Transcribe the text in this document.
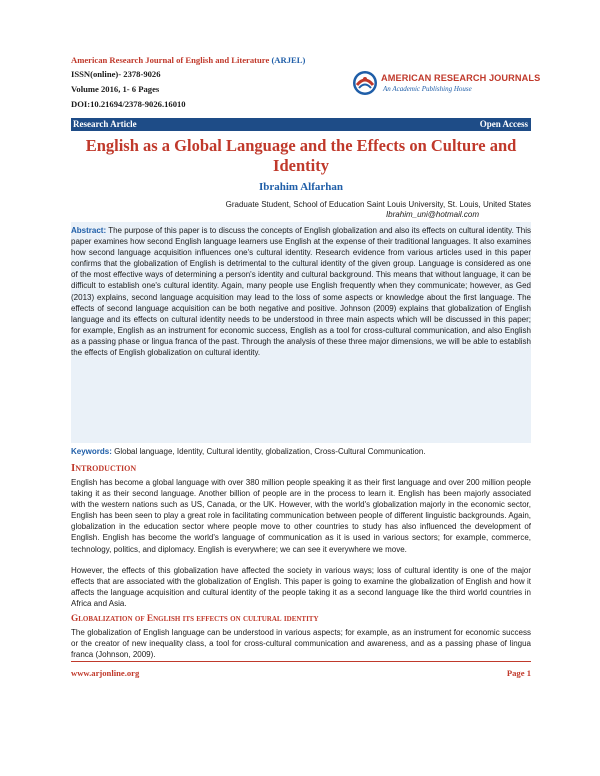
American Research Journal of English and Literature (ARJEL)
ISSN(online)- 2378-9026
Volume 2016, 1- 6 Pages
DOI:10.21694/2378-9026.16010
AMERICAN RESEARCH JOURNALS
An Academic Publishing House
Research Article	Open Access
English as a Global Language and the Effects on Culture and Identity
Ibrahim Alfarhan
Graduate Student, School of Education Saint Louis University, St. Louis, United States
Ibrahim_uni@hotmail.com
Abstract: The purpose of this paper is to discuss the concepts of English globalization and also its effects on cultural identity. This paper examines how second English language learners use English at the expense of their traditional languages. It also examines how second language acquisition influences one's cultural identity. Research evidence from various articles used in this paper confirms that the globalization of English is detrimental to the cultural identity of the given group. Language is considered as one of the most effective ways of determining a person's identity and cultural background. This means that without language, it can be difficult to establish one's cultural identity. Again, many people use English frequently when they communicate; however, as Ged (2013) explains, second language acquisition may lead to the loss of some aspects or knowledge about the first language. The effects of second language acquisition can be both negative and positive. Johnson (2009) explains that globalization of English language and its effects on cultural identity needs to be understood in three main aspects which will be discussed in this paper; for example, English as an instrument for economic success, English as a tool for cross-cultural communication, and also English as a passing phase or lingua franca of the past. Through the analysis of these three major dimensions, we will be able to establish the effects of English globalization on cultural identity.
Keywords: Global language, Identity, Cultural identity, globalization, Cross-Cultural Communication.
Introduction
English has become a global language with over 380 million people speaking it as their first language and over 200 million people taking it as their second language. Another billion of people are in the process to learn it. English has been majorly associated with the western nations such as US, Canada, or the UK. However, with the world's globalization majorly in the economic sector, English has been seen to play a great role in facilitating communication between people of different linguistic backgrounds. Again, globalization in the education sector where people move to other countries to study has also influenced the development of English. English has become the world's language of communication as it is used in various sectors; for example, commerce, technology, politics, and diplomacy. English is everywhere; we can see it everywhere we move.
However, the effects of this globalization have affected the society in various ways; loss of cultural identity is one of the major effects that are associated with the globalization of English. This paper is going to examine the globalization of English and how it affects the language acquisition and cultural identity of the people taking it as a second language like the third world countries in Africa and Asia.
Globalization of English its effects on cultural identity
The globalization of English language can be understood in various aspects; for example, as an instrument for economic success or the creator of new inequality class, a tool for cross-cultural communication and awareness, and as a passing phase of lingua franca (Johnson, 2009).
www.arjonline.org	Page 1
